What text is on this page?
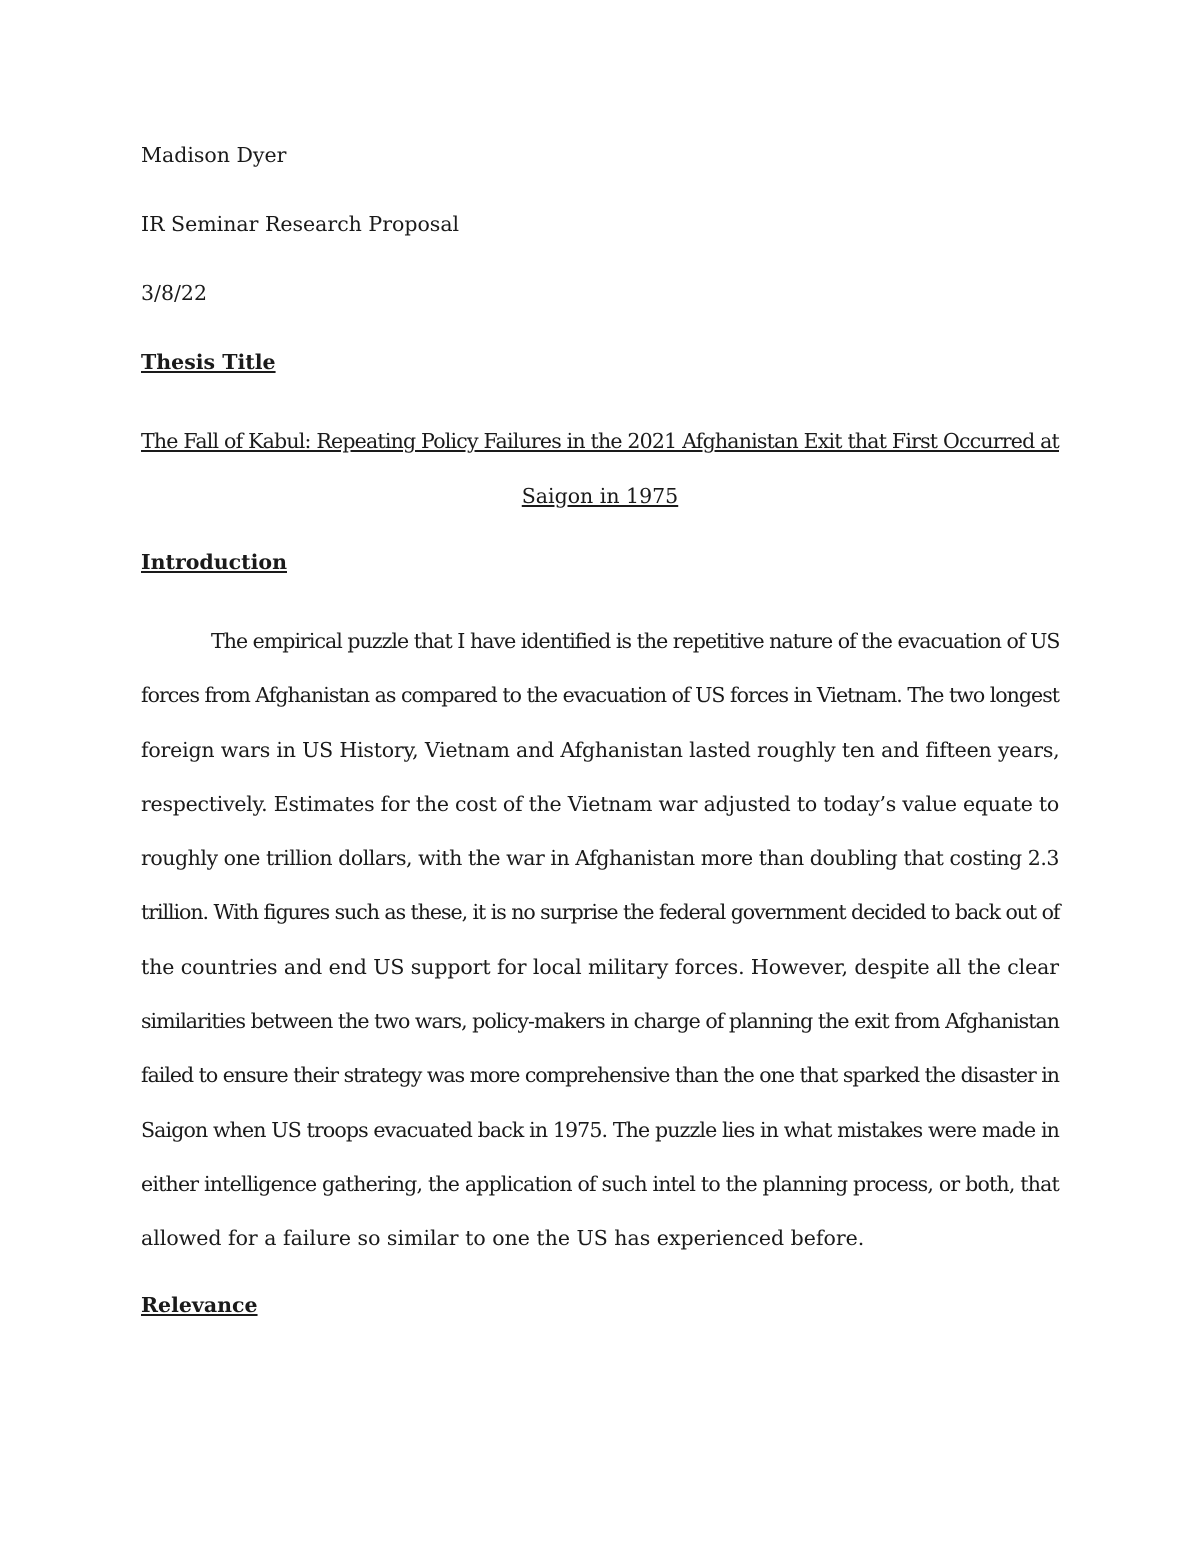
Madison Dyer

IR Seminar Research Proposal

3/8/22

Thesis Title

The Fall of Kabul: Repeating Policy Failures in the 2021 Afghanistan Exit that First Occurred at
Saigon in 1975

Introduction

The empirical puzzle that I have identified is the repetitive nature of the evacuation of US
forces from Afghanistan as compared to the evacuation of US forces in Vietnam. The two longest
foreign wars in US History, Vietnam and Afghanistan lasted roughly ten and fifteen years,
respectively. Estimates for the cost of the Vietnam war adjusted to today’s value equate to
roughly one trillion dollars, with the war in Afghanistan more than doubling that costing 2.3
trillion. With figures such as these, it is no surprise the federal government decided to back out of
the countries and end US support for local military forces. However, despite all the clear
similarities between the two wars, policy-makers in charge of planning the exit from Afghanistan
failed to ensure their strategy was more comprehensive than the one that sparked the disaster in
Saigon when US troops evacuated back in 1975. The puzzle lies in what mistakes were made in
either intelligence gathering, the application of such intel to the planning process, or both, that
allowed for a failure so similar to one the US has experienced before.

Relevance
